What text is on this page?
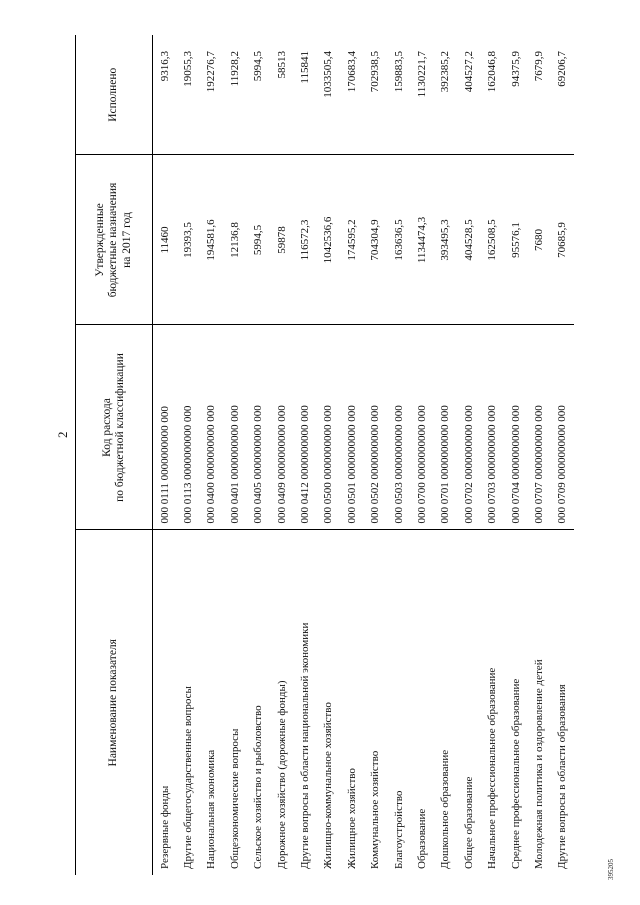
2
395205
Наименование показателя	Код расхода по бюджетной классификации	Утвержденные бюджетные назначения на 2017 год	Исполнено
Резервные фонды	000 0111 0000000000 000	11460	9316,3
Другие общегосударственные вопросы	000 0113 0000000000 000	19393,5	19055,3
Национальная экономика	000 0400 0000000000 000	194581,6	192276,7
Общеэкономические вопросы	000 0401 0000000000 000	12136,8	11928,2
Сельское хозяйство и рыболовство	000 0405 0000000000 000	5994,5	5994,5
Дорожное хозяйство (дорожные фонды)	000 0409 0000000000 000	59878	58513
Другие вопросы в области национальной экономики	000 0412 0000000000 000	116572,3	115841
Жилищно-коммунальное хозяйство	000 0500 0000000000 000	1042536,6	1033505,4
Жилищное хозяйство	000 0501 0000000000 000	174595,2	170683,4
Коммунальное хозяйство	000 0502 0000000000 000	704304,9	702938,5
Благоустройство	000 0503 0000000000 000	163636,5	159883,5
Образование	000 0700 0000000000 000	1134474,3	1130221,7
Дошкольное образование	000 0701 0000000000 000	393495,3	392385,2
Общее образование	000 0702 0000000000 000	404528,5	404527,2
Начальное профессиональное образование	000 0703 0000000000 000	162508,5	162046,8
Среднее профессиональное образование	000 0704 0000000000 000	95576,1	94375,9
Молодежная политика и оздоровление детей	000 0707 0000000000 000	7680	7679,9
Другие вопросы в области образования	000 0709 0000000000 000	70685,9	69206,7
